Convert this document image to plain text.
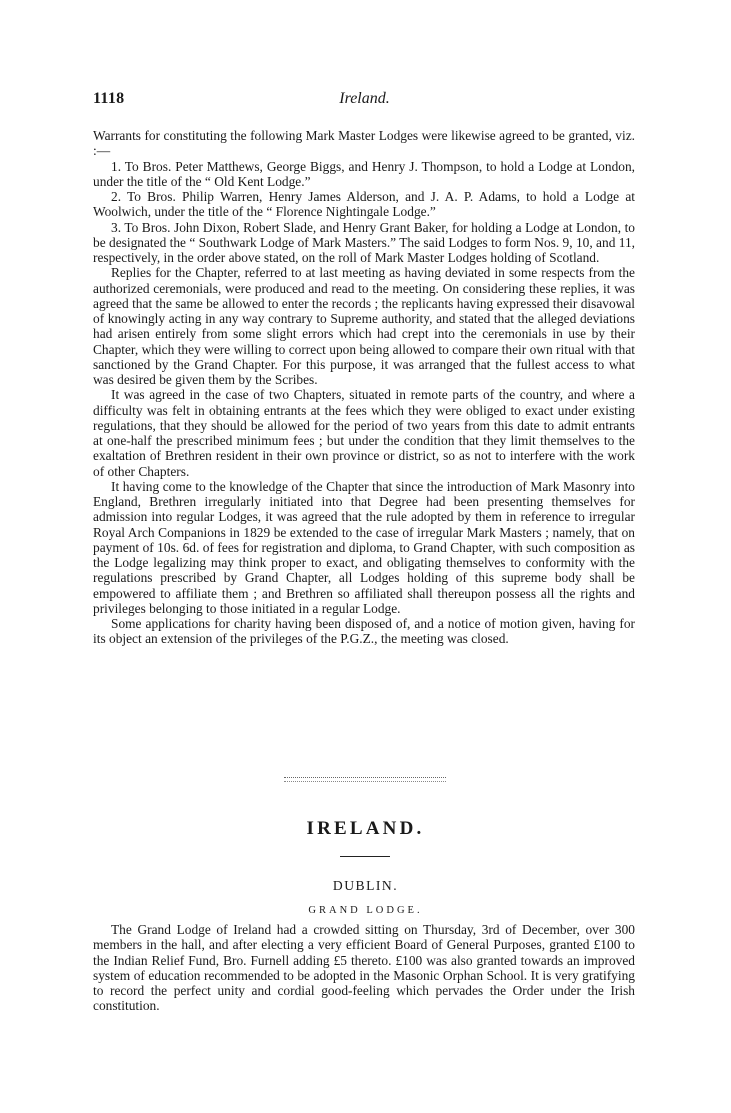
1118	Ireland.

Warrants for constituting the following Mark Master Lodges were likewise agreed to be granted, viz. :—

1. To Bros. Peter Matthews, George Biggs, and Henry J. Thompson, to hold a Lodge at London, under the title of the “ Old Kent Lodge.”

2. To Bros. Philip Warren, Henry James Alderson, and J. A. P. Adams, to hold a Lodge at Woolwich, under the title of the “ Florence Nightingale Lodge.”

3. To Bros. John Dixon, Robert Slade, and Henry Grant Baker, for holding a Lodge at London, to be designated the “ Southwark Lodge of Mark Masters.” The said Lodges to form Nos. 9, 10, and 11, respectively, in the order above stated, on the roll of Mark Master Lodges holding of Scotland.

Replies for the Chapter, referred to at last meeting as having deviated in some respects from the authorized ceremonials, were produced and read to the meeting. On considering these replies, it was agreed that the same be allowed to enter the records ; the replicants having expressed their disavowal of knowingly acting in any way contrary to Supreme authority, and stated that the alleged deviations had arisen entirely from some slight errors which had crept into the ceremonials in use by their Chapter, which they were willing to correct upon being allowed to compare their own ritual with that sanctioned by the Grand Chapter. For this purpose, it was arranged that the fullest access to what was desired be given them by the Scribes.

It was agreed in the case of two Chapters, situated in remote parts of the country, and where a difficulty was felt in obtaining entrants at the fees which they were obliged to exact under existing regulations, that they should be allowed for the period of two years from this date to admit entrants at one-half the prescribed minimum fees ; but under the condition that they limit themselves to the exaltation of Brethren resident in their own province or district, so as not to interfere with the work of other Chapters.

It having come to the knowledge of the Chapter that since the introduction of Mark Masonry into England, Brethren irregularly initiated into that Degree had been presenting themselves for admission into regular Lodges, it was agreed that the rule adopted by them in reference to irregular Royal Arch Companions in 1829 be extended to the case of irregular Mark Masters ; namely, that on payment of 10s. 6d. of fees for registration and diploma, to Grand Chapter, with such composition as the Lodge legalizing may think proper to exact, and obligating themselves to conformity with the regulations prescribed by Grand Chapter, all Lodges holding of this supreme body shall be empowered to affiliate them ; and Brethren so affiliated shall thereupon possess all the rights and privileges belonging to those initiated in a regular Lodge.

Some applications for charity having been disposed of, and a notice of motion given, having for its object an extension of the privileges of the P.G.Z., the meeting was closed.

IRELAND.
DUBLIN.
GRAND LODGE.

The Grand Lodge of Ireland had a crowded sitting on Thursday, 3rd of December, over 300 members in the hall, and after electing a very efficient Board of General Purposes, granted £100 to the Indian Relief Fund, Bro. Furnell adding £5 thereto. £100 was also granted towards an improved system of education recommended to be adopted in the Masonic Orphan School. It is very gratifying to record the perfect unity and cordial good-feeling which pervades the Order under the Irish constitution.
